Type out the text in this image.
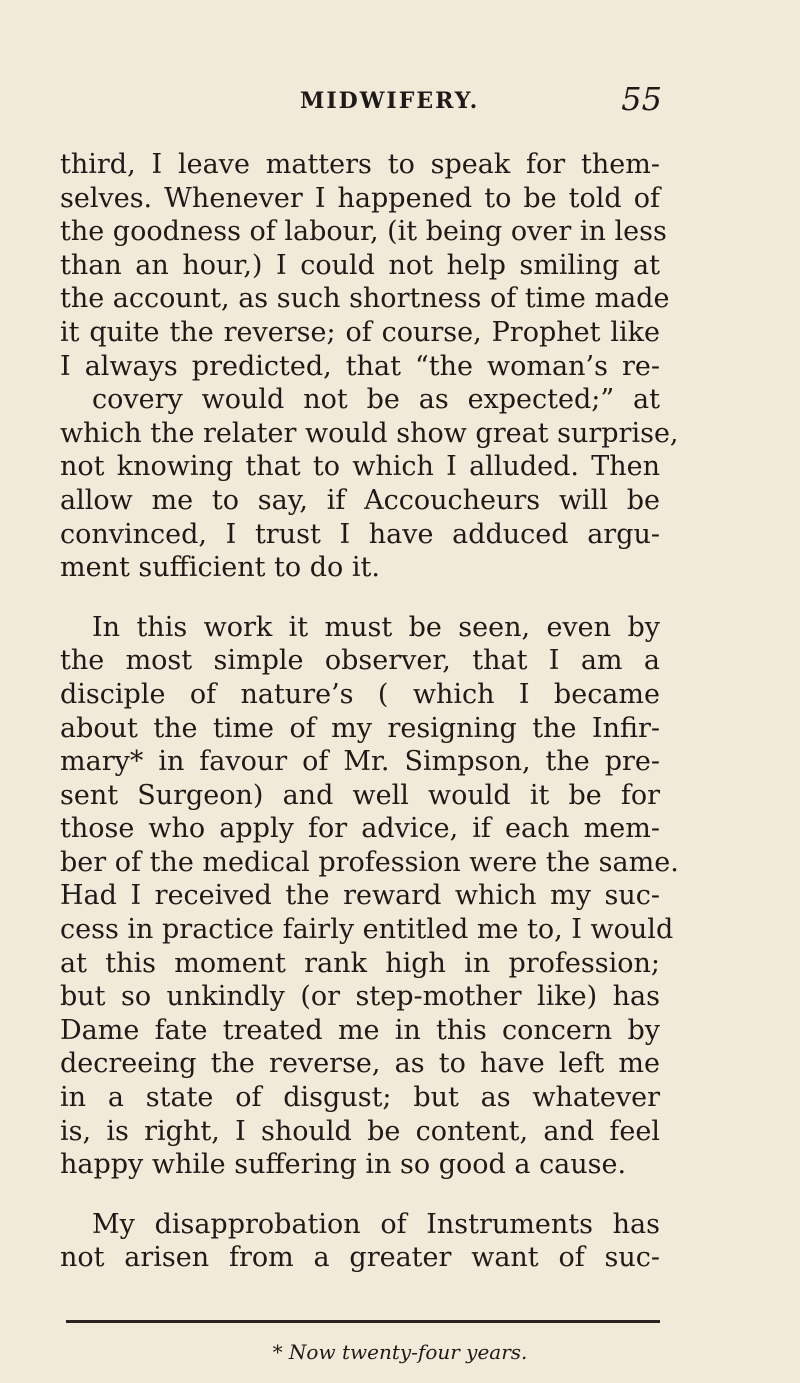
MIDWIFERY.	55
third, I leave matters to speak for them-
selves. Whenever I happened to be told of
the goodness of labour, (it being over in less
than an hour,) I could not help smiling at
the account, as such shortness of time made
it quite the reverse; of course, Prophet like
I always predicted, that “the woman’s re-
covery would not be as expected;” at
which the relater would show great surprise,
not knowing that to which I alluded. Then
allow me to say, if Accoucheurs will be
convinced, I trust I have adduced argu-
ment sufficient to do it.
In this work it must be seen, even by
the most simple observer, that I am a
disciple of nature’s ( which I became
about the time of my resigning the Infir-
mary* in favour of Mr. Simpson, the pre-
sent Surgeon) and well would it be for
those who apply for advice, if each mem-
ber of the medical profession were the same.
Had I received the reward which my suc-
cess in practice fairly entitled me to, I would
at this moment rank high in profession;
but so unkindly (or step-mother like) has
Dame fate treated me in this concern by
decreeing the reverse, as to have left me
in a state of disgust; but as whatever
is, is right, I should be content, and feel
happy while suffering in so good a cause.
My disapprobation of Instruments has
not arisen from a greater want of suc-
* Now twenty-four years.
